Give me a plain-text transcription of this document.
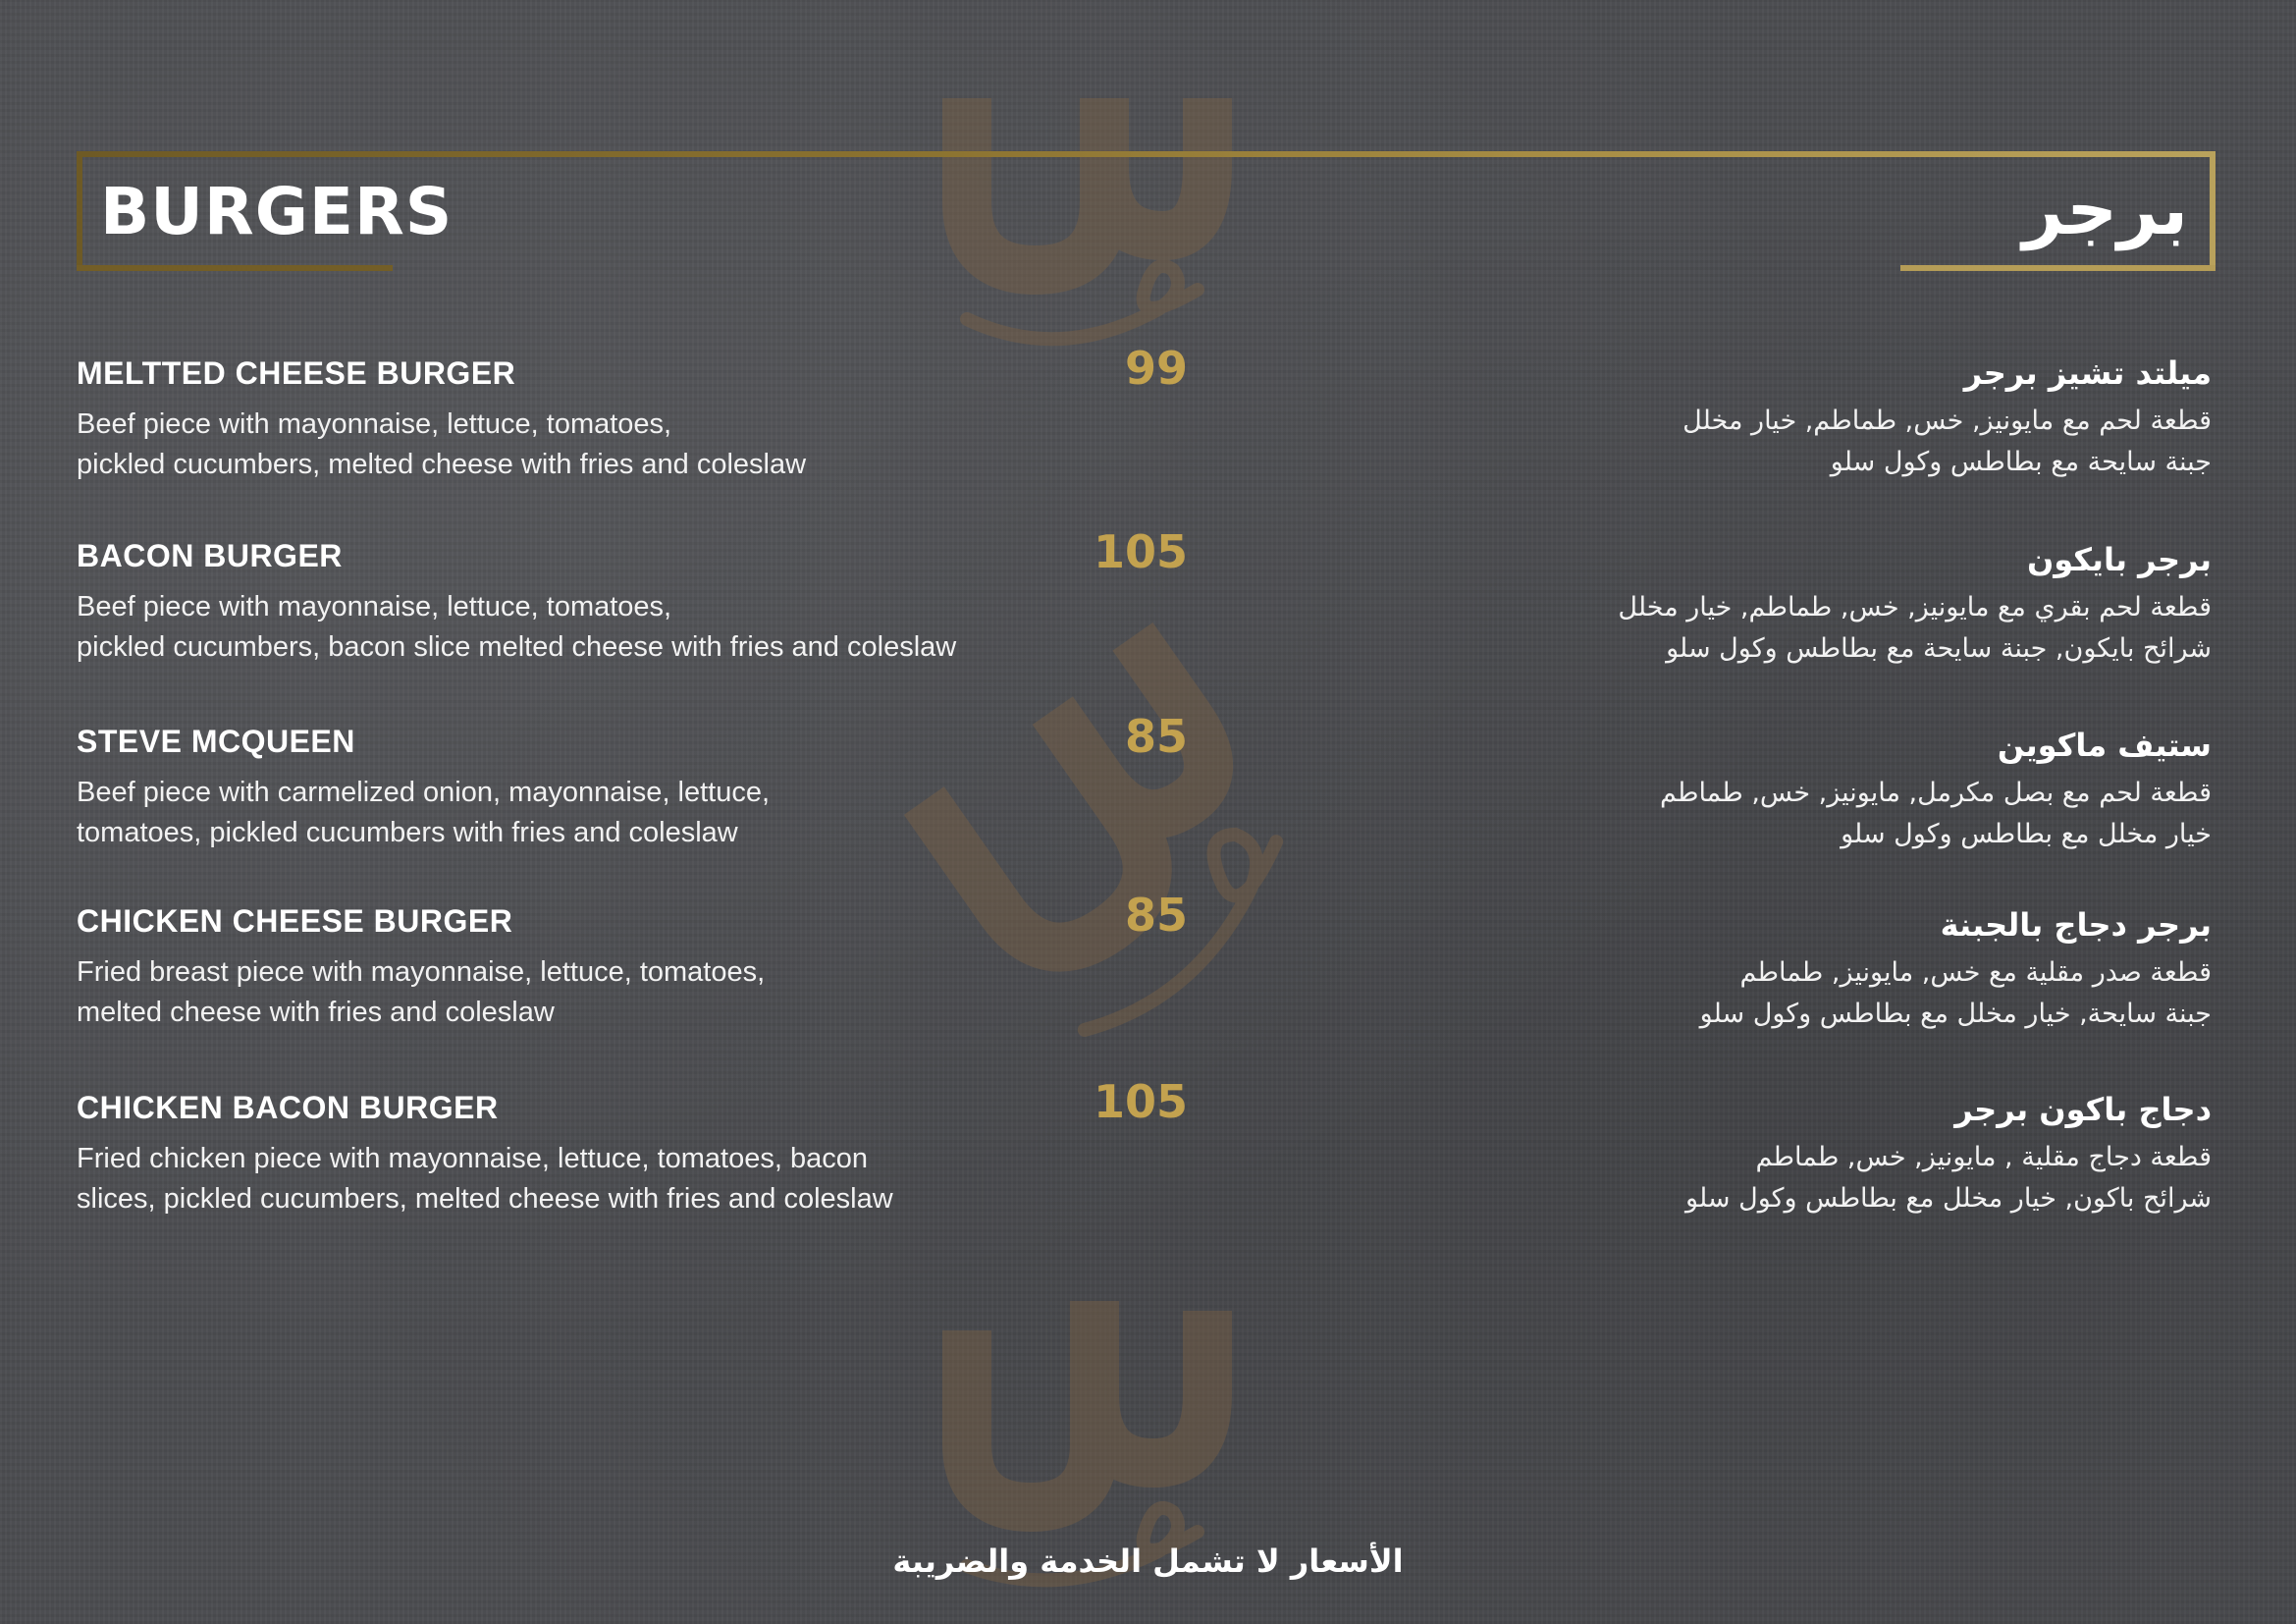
BURGERS	برجر
MELTTED CHEESE BURGER
Beef piece with mayonnaise, lettuce, tomatoes,
pickled cucumbers, melted cheese with fries and coleslaw
99
BACON BURGER
Beef piece with mayonnaise, lettuce, tomatoes,
pickled cucumbers, bacon slice melted cheese with fries and coleslaw
105
STEVE MCQUEEN
Beef piece with carmelized onion, mayonnaise, lettuce,
tomatoes, pickled cucumbers with fries and coleslaw
85
CHICKEN CHEESE BURGER
Fried breast piece with mayonnaise, lettuce, tomatoes,
melted cheese with fries and coleslaw
85
CHICKEN BACON BURGER
Fried chicken piece with mayonnaise, lettuce, tomatoes, bacon
slices, pickled cucumbers, melted cheese with fries and coleslaw
105
ميلتد تشيز برجر
قطعة لحم مع مايونيز, خس, طماطم, خيار مخلل
جبنة سايحة مع بطاطس وكول سلو
برجر بايكون
قطعة لحم بقري مع مايونيز, خس, طماطم, خيار مخلل
شرائح بايكون, جبنة سايحة مع بطاطس وكول سلو
ستيف ماكوين
قطعة لحم مع بصل مكرمل, مايونيز, خس, طماطم
خيار مخلل مع بطاطس وكول سلو
برجر دجاج بالجبنة
قطعة صدر مقلية مع خس, مايونيز, طماطم
جبنة سايحة, خيار مخلل مع بطاطس وكول سلو
دجاج باكون برجر
قطعة دجاج مقلية , مايونيز, خس, طماطم
شرائح باكون, خيار مخلل مع بطاطس وكول سلو
الأسعار لا تشمل الخدمة والضريبة
